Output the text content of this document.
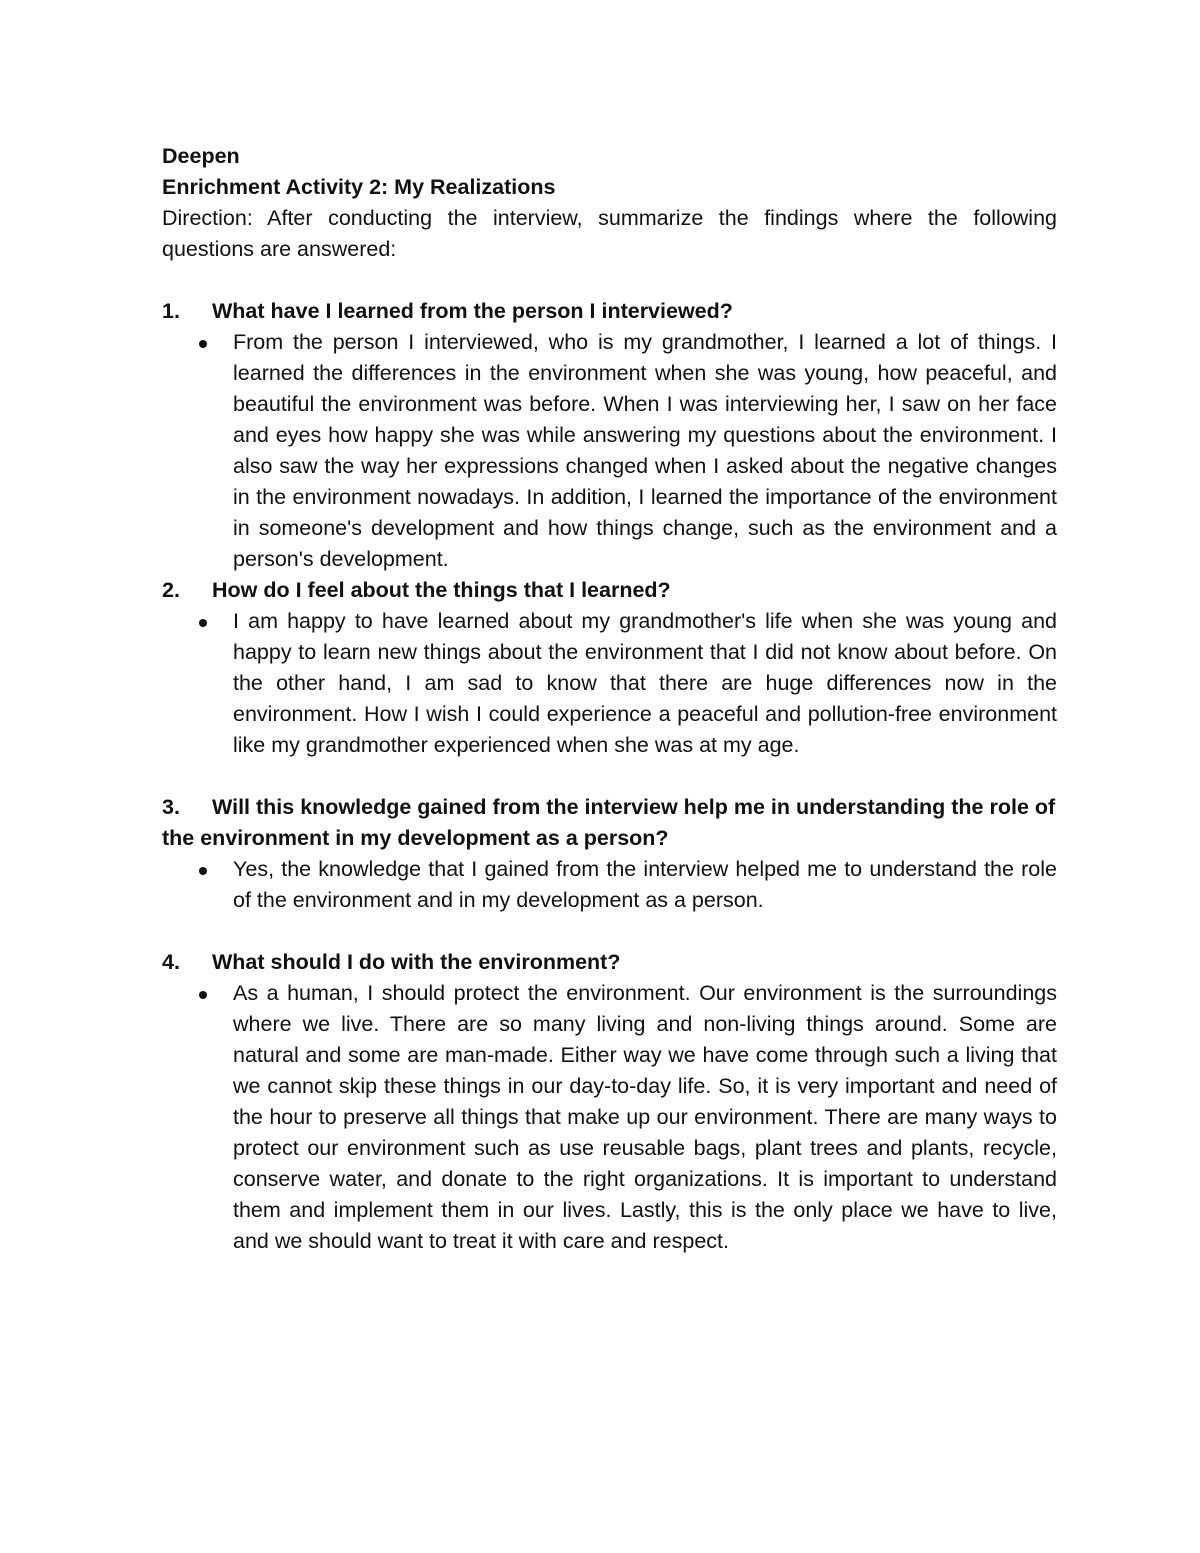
Deepen
Enrichment Activity 2: My Realizations
Direction: After conducting the interview, summarize the findings where the following questions are answered:
1. What have I learned from the person I interviewed?
From the person I interviewed, who is my grandmother, I learned a lot of things. I learned the differences in the environment when she was young, how peaceful, and beautiful the environment was before. When I was interviewing her, I saw on her face and eyes how happy she was while answering my questions about the environment. I also saw the way her expressions changed when I asked about the negative changes in the environment nowadays. In addition, I learned the importance of the environment in someone's development and how things change, such as the environment and a person's development.
2. How do I feel about the things that I learned?
I am happy to have learned about my grandmother's life when she was young and happy to learn new things about the environment that I did not know about before. On the other hand, I am sad to know that there are huge differences now in the environment. How I wish I could experience a peaceful and pollution-free environment like my grandmother experienced when she was at my age.
3. Will this knowledge gained from the interview help me in understanding the role of the environment in my development as a person?
Yes, the knowledge that I gained from the interview helped me to understand the role of the environment and in my development as a person.
4. What should I do with the environment?
As a human, I should protect the environment. Our environment is the surroundings where we live. There are so many living and non-living things around. Some are natural and some are man-made. Either way we have come through such a living that we cannot skip these things in our day-to-day life. So, it is very important and need of the hour to preserve all things that make up our environment. There are many ways to protect our environment such as use reusable bags, plant trees and plants, recycle, conserve water, and donate to the right organizations. It is important to understand them and implement them in our lives. Lastly, this is the only place we have to live, and we should want to treat it with care and respect.
